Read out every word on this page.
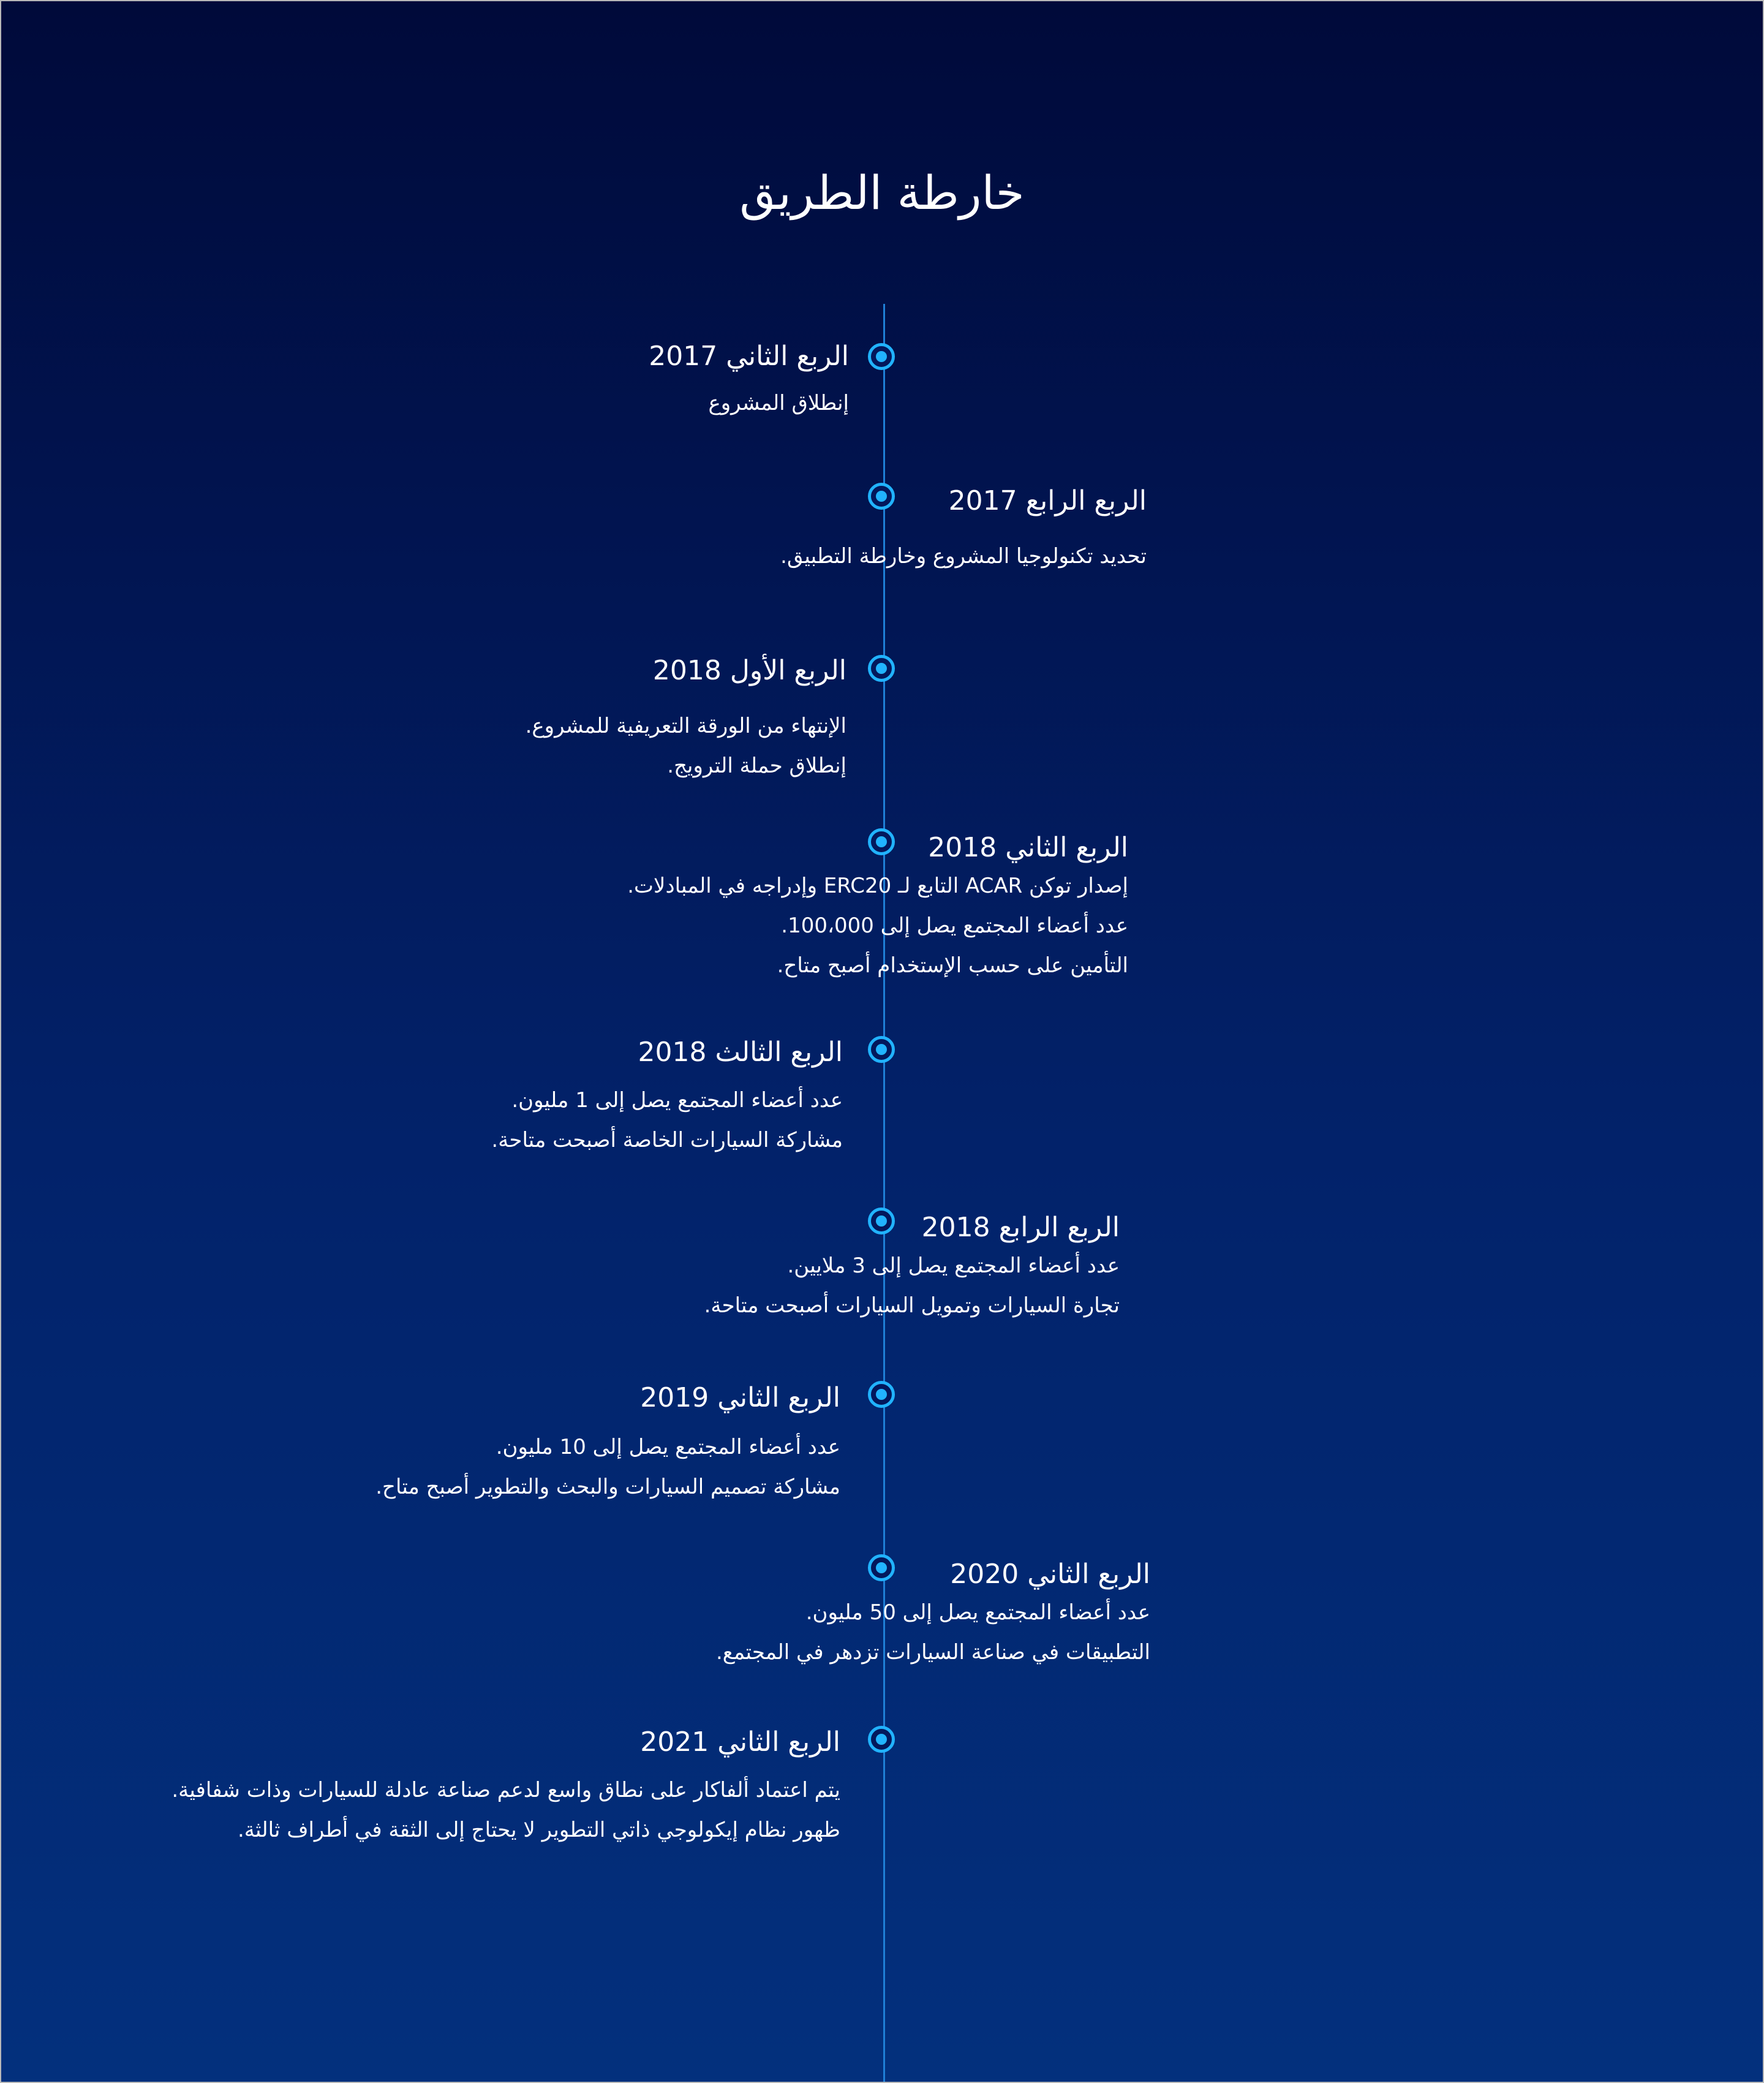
خارطة الطريق
الربع الثاني 2017
إنطلاق المشروع
الربع الرابع 2017
تحديد تكنولوجيا المشروع وخارطة التطبيق.
الربع الأول 2018
الإنتهاء من الورقة التعريفية للمشروع.
إنطلاق حملة الترويج.
الربع الثاني 2018
إصدار توكن ACAR التابع لـ ERC20 وإدراجه في المبادلات.
عدد أعضاء المجتمع يصل إلى 100،000.
التأمين على حسب الإستخدام أصبح متاح.
الربع الثالث 2018
عدد أعضاء المجتمع يصل إلى 1 مليون.
مشاركة السيارات الخاصة أصبحت متاحة.
الربع الرابع 2018
عدد أعضاء المجتمع يصل إلى 3 ملايين.
تجارة السيارات وتمويل السيارات أصبحت متاحة.
الربع الثاني 2019
عدد أعضاء المجتمع يصل إلى 10 مليون.
مشاركة تصميم السيارات والبحث والتطوير أصبح متاح.
الربع الثاني 2020
عدد أعضاء المجتمع يصل إلى 50 مليون.
التطبيقات في صناعة السيارات تزدهر في المجتمع.
الربع الثاني 2021
يتم اعتماد ألفاكار على نطاق واسع لدعم صناعة عادلة للسيارات وذات شفافية.
ظهور نظام إيكولوجي ذاتي التطوير لا يحتاج إلى الثقة في أطراف ثالثة.
